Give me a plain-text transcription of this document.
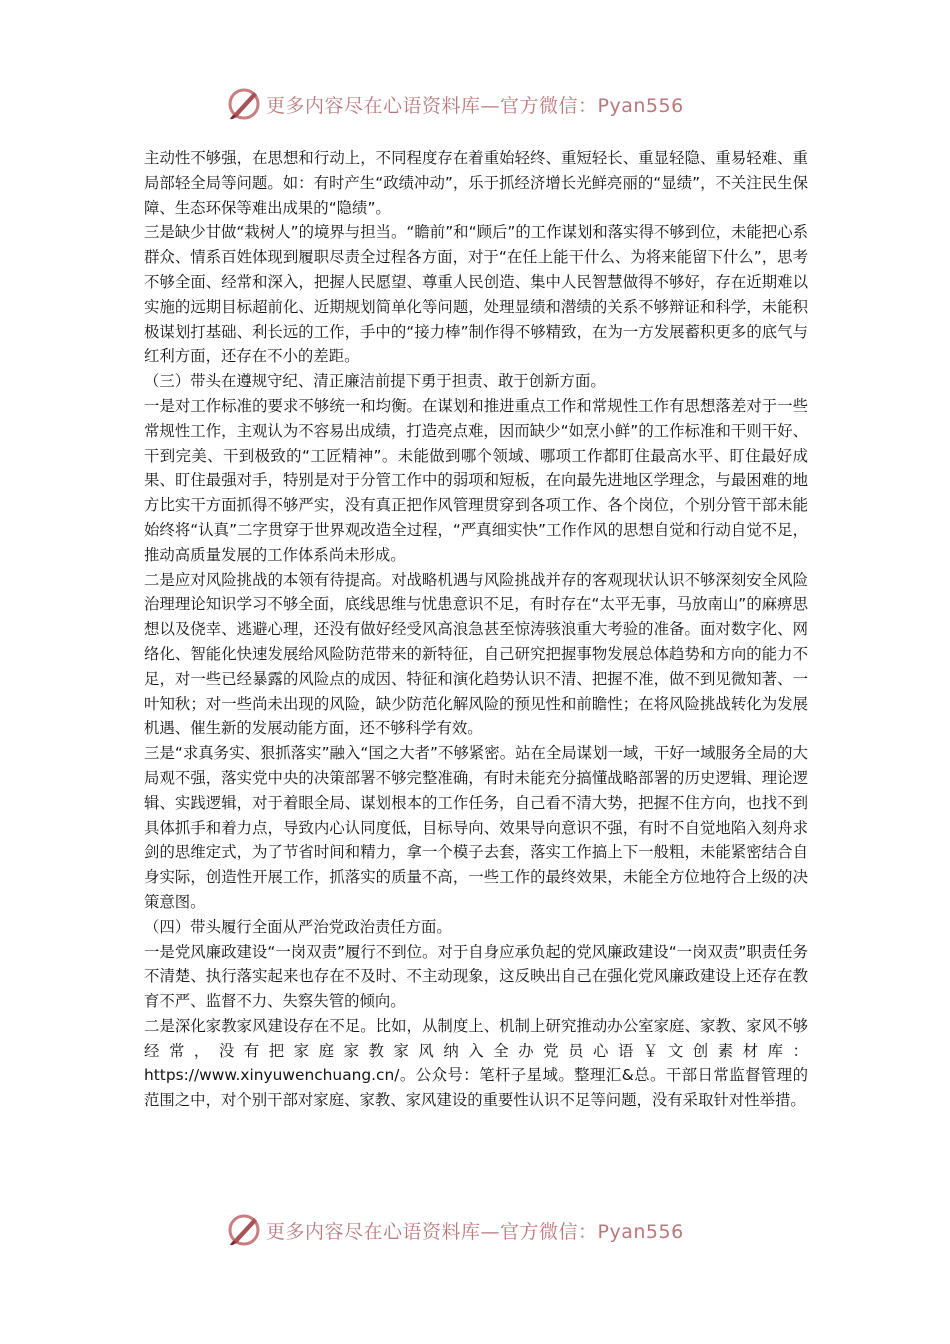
更多内容尽在心语资料库—官方微信：Pyan556

主动性不够强，在思想和行动上，不同程度存在着重始轻终、重短轻长、重显轻隐、重易轻难、重局部轻全局等问题。如：有时产生“政绩冲动”，乐于抓经济增长光鲜亮丽的“显绩”，不关注民生保障、生态环保等难出成果的“隐绩”。

三是缺少甘做“栽树人”的境界与担当。“瞻前”和“顾后”的工作谋划和落实得不够到位，未能把心系群众、情系百姓体现到履职尽责全过程各方面，对于“在任上能干什么、为将来能留下什么”，思考不够全面、经常和深入，把握人民愿望、尊重人民创造、集中人民智慧做得不够好，存在近期难以实施的远期目标超前化、近期规划简单化等问题，处理显绩和潜绩的关系不够辩证和科学，未能积极谋划打基础、利长远的工作，手中的“接力棒”制作得不够精致，在为一方发展蓄积更多的底气与红利方面，还存在不小的差距。

（三）带头在遵规守纪、清正廉洁前提下勇于担责、敢于创新方面。

一是对工作标准的要求不够统一和均衡。在谋划和推进重点工作和常规性工作有思想落差对于一些常规性工作，主观认为不容易出成绩，打造亮点难，因而缺少“如烹小鲜”的工作标准和干则干好、干到完美、干到极致的“工匠精神”。未能做到哪个领域、哪项工作都盯住最高水平、盯住最好成果、盯住最强对手，特别是对于分管工作中的弱项和短板，在向最先进地区学理念，与最困难的地方比实干方面抓得不够严实，没有真正把作风管理贯穿到各项工作、各个岗位，个别分管干部未能始终将“认真”二字贯穿于世界观改造全过程，“严真细实快”工作作风的思想自觉和行动自觉不足，推动高质量发展的工作体系尚未形成。

二是应对风险挑战的本领有待提高。对战略机遇与风险挑战并存的客观现状认识不够深刻安全风险治理理论知识学习不够全面，底线思维与忧患意识不足，有时存在“太平无事，马放南山”的麻痹思想以及侥幸、逃避心理，还没有做好经受风高浪急甚至惊涛骇浪重大考验的准备。面对数字化、网络化、智能化快速发展给风险防范带来的新特征，自己研究把握事物发展总体趋势和方向的能力不足，对一些已经暴露的风险点的成因、特征和演化趋势认识不清、把握不准，做不到见微知著、一叶知秋；对一些尚未出现的风险，缺少防范化解风险的预见性和前瞻性；在将风险挑战转化为发展机遇、催生新的发展动能方面，还不够科学有效。

三是“求真务实、狠抓落实”融入“国之大者”不够紧密。站在全局谋划一域，干好一域服务全局的大局观不强，落实党中央的决策部署不够完整准确，有时未能充分搞懂战略部署的历史逻辑、理论逻辑、实践逻辑，对于着眼全局、谋划根本的工作任务，自己看不清大势，把握不住方向，也找不到具体抓手和着力点，导致内心认同度低，目标导向、效果导向意识不强，有时不自觉地陷入刻舟求剑的思维定式，为了节省时间和精力，拿一个模子去套，落实工作搞上下一般粗，未能紧密结合自身实际，创造性开展工作，抓落实的质量不高，一些工作的最终效果，未能全方位地符合上级的决策意图。

（四）带头履行全面从严治党政治责任方面。

一是党风廉政建设“一岗双责”履行不到位。对于自身应承负起的党风廉政建设“一岗双责”职责任务不清楚、执行落实起来也存在不及时、不主动现象，这反映出自己在强化党风廉政建设上还存在教育不严、监督不力、失察失管的倾向。

二是深化家教家风建设存在不足。比如，从制度上、机制上研究推动办公室家庭、家教、家风不够经常，没有把家庭家教家风纳入全办党员心语￥文创素材库：https://www.xinyuwenchuang.cn/。公众号：笔杆子星域。整理汇&总。干部日常监督管理的范围之中，对个别干部对家庭、家教、家风建设的重要性认识不足等问题，没有采取针对性举措。

更多内容尽在心语资料库—官方微信：Pyan556
